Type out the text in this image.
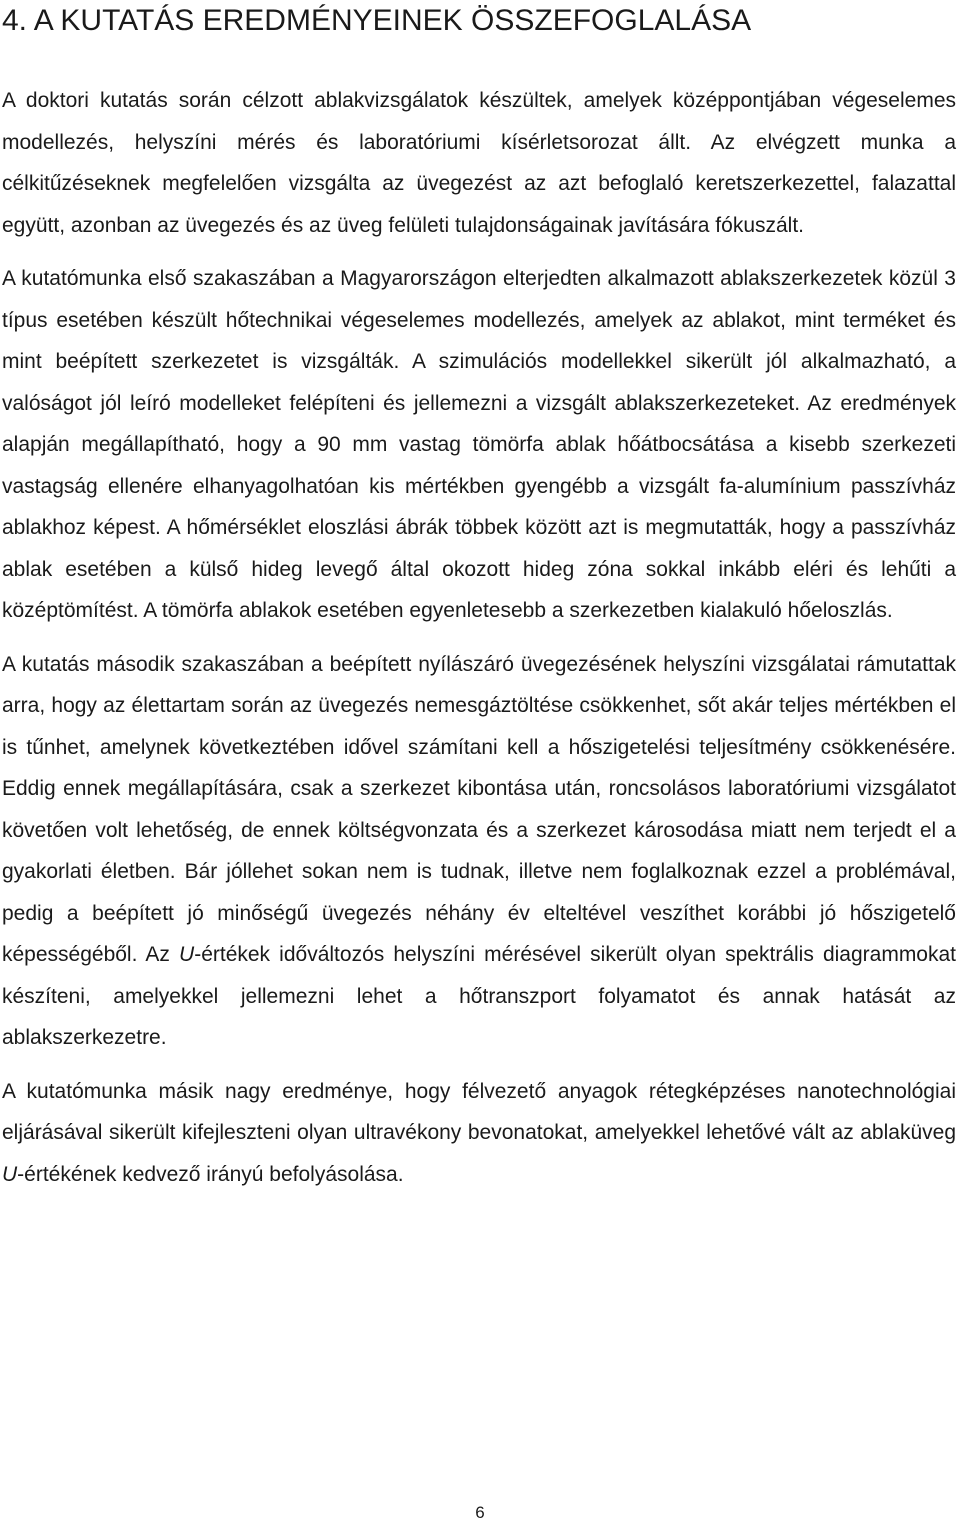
4. A KUTATÁS EREDMÉNYEINEK ÖSSZEFOGLALÁSA

A doktori kutatás során célzott ablakvizsgálatok készültek, amelyek középpontjában végeselemes modellezés, helyszíni mérés és laboratóriumi kísérletsorozat állt. Az elvégzett munka a célkitűzéseknek megfelelően vizsgálta az üvegezést az azt befoglaló keretszerkezettel, falazattal együtt, azonban az üvegezés és az üveg felületi tulajdonságainak javítására fókuszált.

A kutatómunka első szakaszában a Magyarországon elterjedten alkalmazott ablakszerkezetek közül 3 típus esetében készült hőtechnikai végeselemes modellezés, amelyek az ablakot, mint terméket és mint beépített szerkezetet is vizsgálták. A szimulációs modellekkel sikerült jól alkalmazható, a valóságot jól leíró modelleket felépíteni és jellemezni a vizsgált ablakszerkezeteket. Az eredmények alapján megállapítható, hogy a 90 mm vastag tömörfa ablak hőátbocsátása a kisebb szerkezeti vastagság ellenére elhanyagolhatóan kis mértékben gyengébb a vizsgált fa-alumínium passzívház ablakhoz képest. A hőmérséklet eloszlási ábrák többek között azt is megmutatták, hogy a passzívház ablak esetében a külső hideg levegő által okozott hideg zóna sokkal inkább eléri és lehűti a középtömítést. A tömörfa ablakok esetében egyenletesebb a szerkezetben kialakuló hőeloszlás.

A kutatás második szakaszában a beépített nyílászáró üvegezésének helyszíni vizsgálatai rámutattak arra, hogy az élettartam során az üvegezés nemesgáztöltése csökkenhet, sőt akár teljes mértékben el is tűnhet, amelynek következtében idővel számítani kell a hőszigetelési teljesítmény csökkenésére. Eddig ennek megállapítására, csak a szerkezet kibontása után, roncsolásos laboratóriumi vizsgálatot követően volt lehetőség, de ennek költségvonzata és a szerkezet károsodása miatt nem terjedt el a gyakorlati életben. Bár jóllehet sokan nem is tudnak, illetve nem foglalkoznak ezzel a problémával, pedig a beépített jó minőségű üvegezés néhány év elteltével veszíthet korábbi jó hőszigetelő képességéből. Az U-értékek időváltozós helyszíni mérésével sikerült olyan spektrális diagrammokat készíteni, amelyekkel jellemezni lehet a hőtranszport folyamatot és annak hatását az ablakszerkezetre.

A kutatómunka másik nagy eredménye, hogy félvezető anyagok rétegképzéses nanotechnológiai eljárásával sikerült kifejleszteni olyan ultravékony bevonatokat, amelyekkel lehetővé vált az ablaküveg U-értékének kedvező irányú befolyásolása.

6
